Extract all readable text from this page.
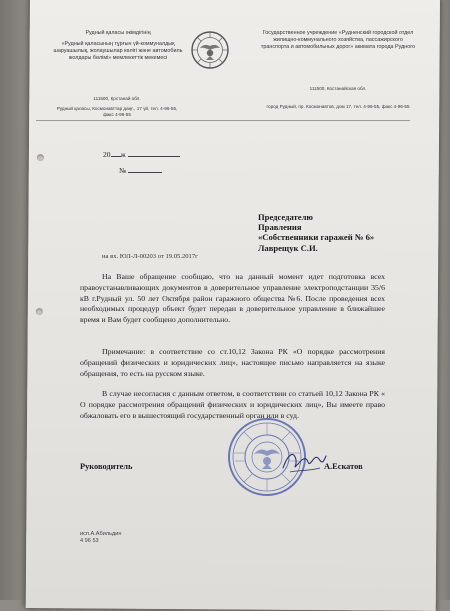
Рудный қаласы әкімдігінің
«Рудный қаласының тұрғын үй-коммуналдық шаруашылық, жолаушылар көлігі және автомобиль жолдары бөлімі» мемлекеттік мекемесі
111500, Қостанай обл.
Рудный қаласы, Космонавттар даңғ., 17 үй, тел. 4-96-55, факс 4-96-55
Государственное учреждение «Рудненский городской отдел жилищно-коммунального хозяйства, пассажирского транспорта и автомобильных дорог» акимата города Рудного
111500, Костанайская обл.
город Рудный, пр. Космонавтов, дом 17, тел. 4-96-55, факс 4-96-55
20 ж
№
Председателю
Правления
«Собственники гаражей № 6»
Лаврещук С.И.
на вх. ЮЛ-Л-00203 от 19.05.2017г

На Ваше обращение сообщаю, что на данный момент идет подготовка всех правоустанавливающих документов в доверительное управление электроподстанции 35/6 кВ г.Рудный ул. 50 лет Октября район гаражного общества №6. После проведения всех необходимых процедур объект будет передан в доверительное управление в ближайшее время и Вам будет сообщено дополнительно.

Примечание: в соответствие со ст.10,12 Закона РК «О порядке рассмотрения обращений физических и юридических лиц», настоящее письмо направляется на языке обращения, то есть на русском языке.

В случае несогласия с данным ответом, в соответствии со статьей 10,12 Закона РК « О порядке рассмотрения обращений физических и юридических лиц», Вы имеете право обжаловать его в вышестоящий государственный орган или в суд.

Руководитель	А.Ескатов
исп.А.Абильдин
4 96 53
